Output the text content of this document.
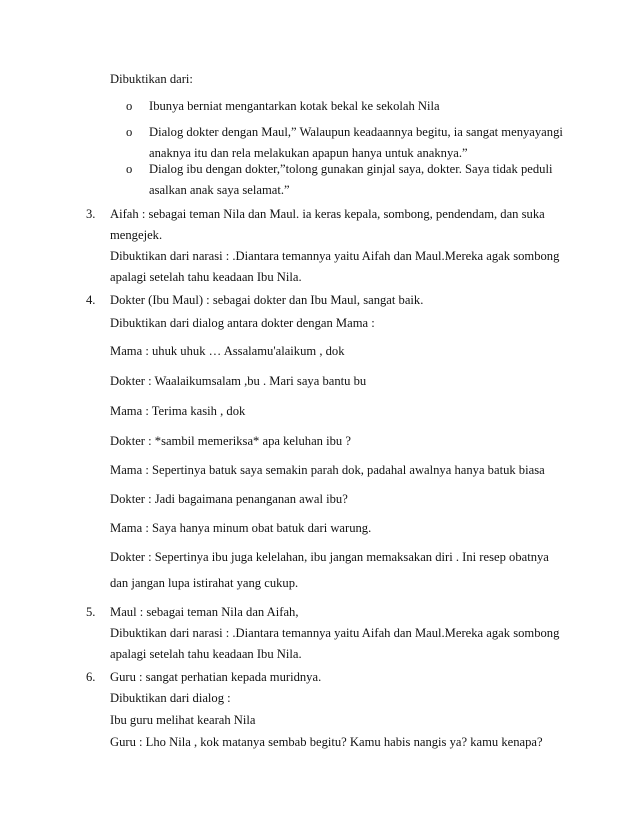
Dibuktikan dari:
o Ibunya berniat mengantarkan kotak bekal ke sekolah Nila
o Dialog dokter dengan Maul,” Walaupun keadaannya begitu, ia sangat menyayangi
anaknya itu dan rela melakukan apapun hanya untuk anaknya.”
o Dialog ibu dengan dokter,”tolong gunakan ginjal saya, dokter. Saya tidak peduli
asalkan anak saya selamat.”
3. Aifah : sebagai teman Nila dan Maul. ia keras kepala, sombong, pendendam, dan suka
mengejek.
Dibuktikan dari narasi : .Diantara temannya yaitu Aifah dan Maul.Mereka agak sombong
apalagi setelah tahu keadaan Ibu Nila.
4. Dokter (Ibu Maul) : sebagai dokter dan Ibu Maul, sangat baik.
Dibuktikan dari dialog antara dokter dengan Mama :
Mama : uhuk uhuk … Assalamu'alaikum , dok
Dokter : Waalaikumsalam ,bu . Mari saya bantu bu
Mama : Terima kasih , dok
Dokter : *sambil memeriksa* apa keluhan ibu ?
Mama : Sepertinya batuk saya semakin parah dok, padahal awalnya hanya batuk biasa
Dokter : Jadi bagaimana penanganan awal ibu?
Mama : Saya hanya minum obat batuk dari warung.
Dokter : Sepertinya ibu juga kelelahan, ibu jangan memaksakan diri . Ini resep obatnya
dan jangan lupa istirahat yang cukup.
5. Maul : sebagai teman Nila dan Aifah,
Dibuktikan dari narasi : .Diantara temannya yaitu Aifah dan Maul.Mereka agak sombong
apalagi setelah tahu keadaan Ibu Nila.
6. Guru : sangat perhatian kepada muridnya.
Dibuktikan dari dialog :
Ibu guru melihat kearah Nila
Guru : Lho Nila , kok matanya sembab begitu? Kamu habis nangis ya? kamu kenapa?
